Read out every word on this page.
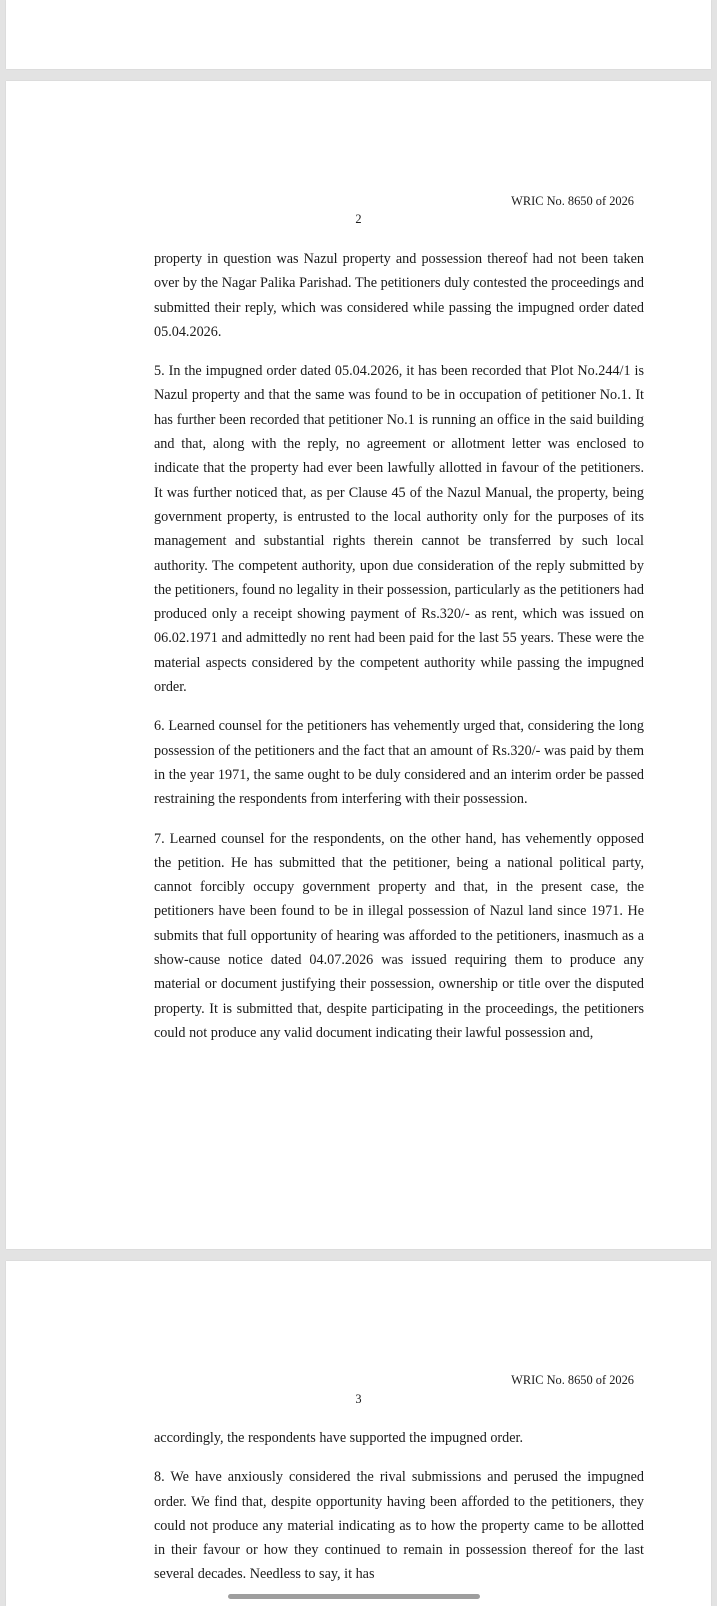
WRIC No. 8650 of 2026
2

property in question was Nazul property and possession thereof had not been taken over by the Nagar Palika Parishad. The petitioners duly contested the proceedings and submitted their reply, which was considered while passing the impugned order dated 05.04.2026.

5. In the impugned order dated 05.04.2026, it has been recorded that Plot No.244/1 is Nazul property and that the same was found to be in occupation of petitioner No.1. It has further been recorded that petitioner No.1 is running an office in the said building and that, along with the reply, no agreement or allotment letter was enclosed to indicate that the property had ever been lawfully allotted in favour of the petitioners. It was further noticed that, as per Clause 45 of the Nazul Manual, the property, being government property, is entrusted to the local authority only for the purposes of its management and substantial rights therein cannot be transferred by such local authority. The competent authority, upon due consideration of the reply submitted by the petitioners, found no legality in their possession, particularly as the petitioners had produced only a receipt showing payment of Rs.320/- as rent, which was issued on 06.02.1971 and admittedly no rent had been paid for the last 55 years. These were the material aspects considered by the competent authority while passing the impugned order.

6. Learned counsel for the petitioners has vehemently urged that, considering the long possession of the petitioners and the fact that an amount of Rs.320/- was paid by them in the year 1971, the same ought to be duly considered and an interim order be passed restraining the respondents from interfering with their possession.

7. Learned counsel for the respondents, on the other hand, has vehemently opposed the petition. He has submitted that the petitioner, being a national political party, cannot forcibly occupy government property and that, in the present case, the petitioners have been found to be in illegal possession of Nazul land since 1971. He submits that full opportunity of hearing was afforded to the petitioners, inasmuch as a show-cause notice dated 04.07.2026 was issued requiring them to produce any material or document justifying their possession, ownership or title over the disputed property. It is submitted that, despite participating in the proceedings, the petitioners could not produce any valid document indicating their lawful possession and,

WRIC No. 8650 of 2026
3

accordingly, the respondents have supported the impugned order.

8. We have anxiously considered the rival submissions and perused the impugned order. We find that, despite opportunity having been afforded to the petitioners, they could not produce any material indicating as to how the property came to be allotted in their favour or how they continued to remain in possession thereof for the last several decades. Needless to say, it has
